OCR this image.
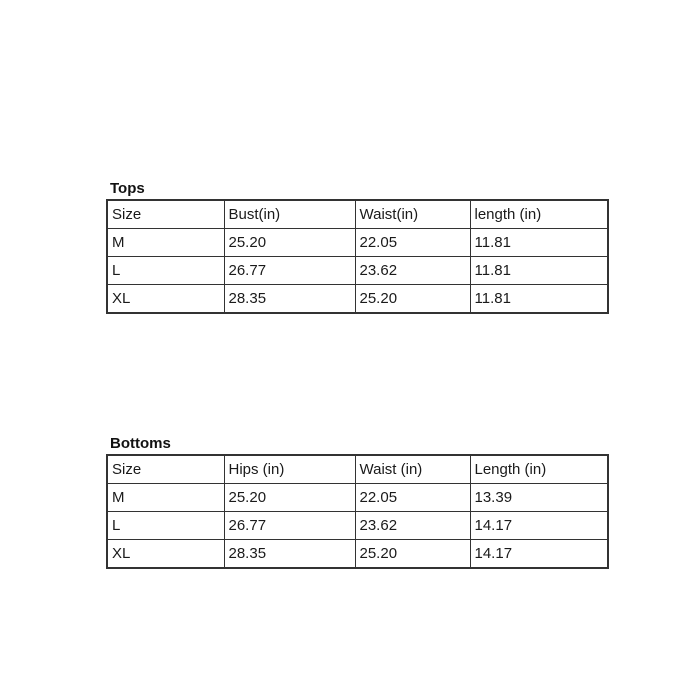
Tops
Size	Bust(in)	Waist(in)	length (in)
M	25.20	22.05	11.81
L	26.77	23.62	11.81
XL	28.35	25.20	11.81
Bottoms
Size	Hips (in)	Waist (in)	Length (in)
M	25.20	22.05	13.39
L	26.77	23.62	14.17
XL	28.35	25.20	14.17
